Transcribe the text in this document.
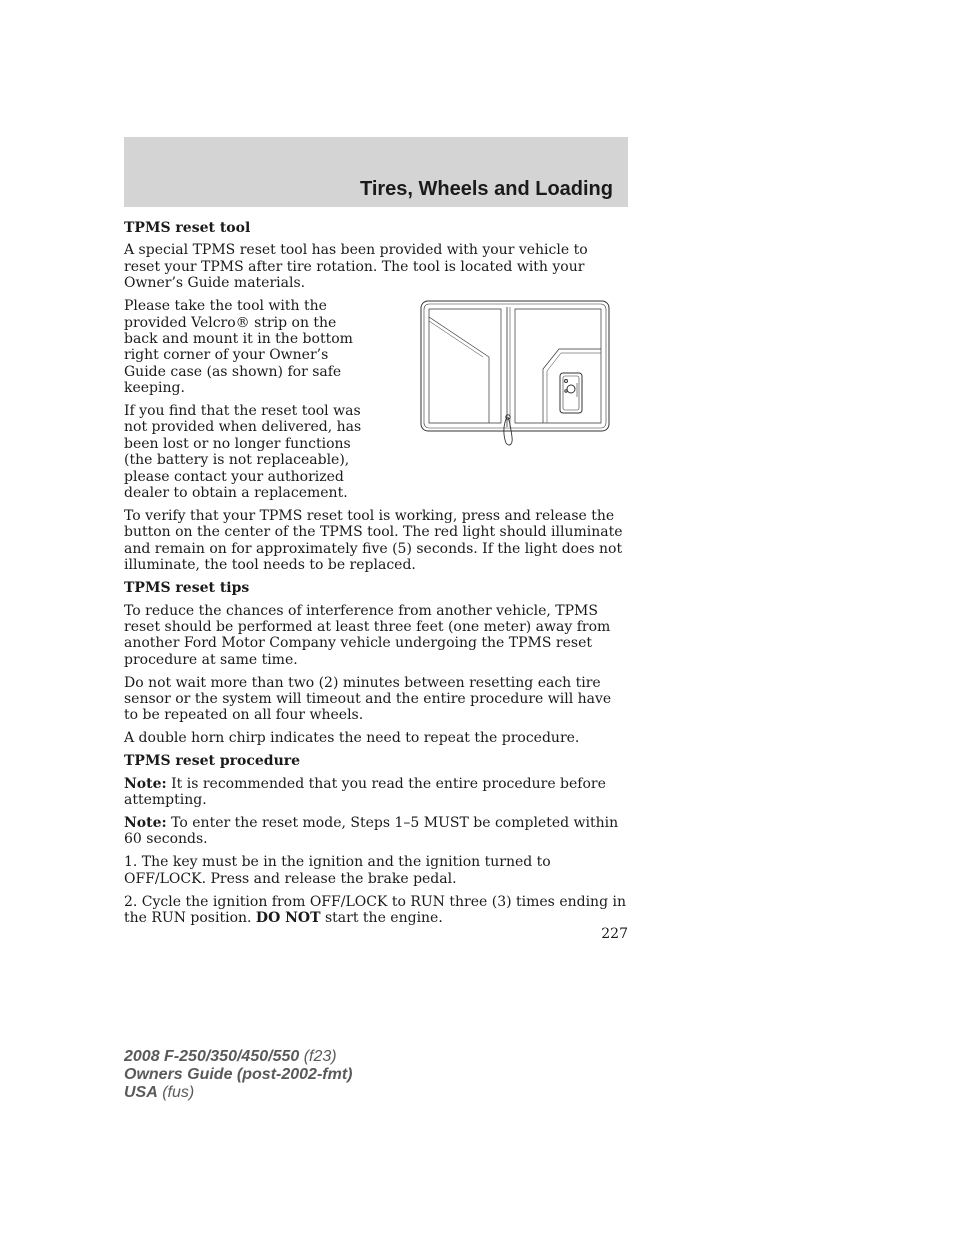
Tires, Wheels and Loading
TPMS reset tool

A special TPMS reset tool has been provided with your vehicle to reset your TPMS after tire rotation. The tool is located with your Owner’s Guide materials.

Please take the tool with the provided Velcro® strip on the back and mount it in the bottom right corner of your Owner’s Guide case (as shown) for safe keeping.

If you find that the reset tool was not provided when delivered, has been lost or no longer functions (the battery is not replaceable), please contact your authorized dealer to obtain a replacement.

To verify that your TPMS reset tool is working, press and release the button on the center of the TPMS tool. The red light should illuminate and remain on for approximately five (5) seconds. If the light does not illuminate, the tool needs to be replaced.

TPMS reset tips

To reduce the chances of interference from another vehicle, TPMS reset should be performed at least three feet (one meter) away from another Ford Motor Company vehicle undergoing the TPMS reset procedure at same time.

Do not wait more than two (2) minutes between resetting each tire sensor or the system will timeout and the entire procedure will have to be repeated on all four wheels.

A double horn chirp indicates the need to repeat the procedure.

TPMS reset procedure

Note: It is recommended that you read the entire procedure before attempting.

Note: To enter the reset mode, Steps 1–5 MUST be completed within 60 seconds.

1. The key must be in the ignition and the ignition turned to OFF/LOCK. Press and release the brake pedal.

2. Cycle the ignition from OFF/LOCK to RUN three (3) times ending in the RUN position. DO NOT start the engine.

227
2008 F-250/350/450/550 (f23)
Owners Guide (post-2002-fmt)
USA (fus)
